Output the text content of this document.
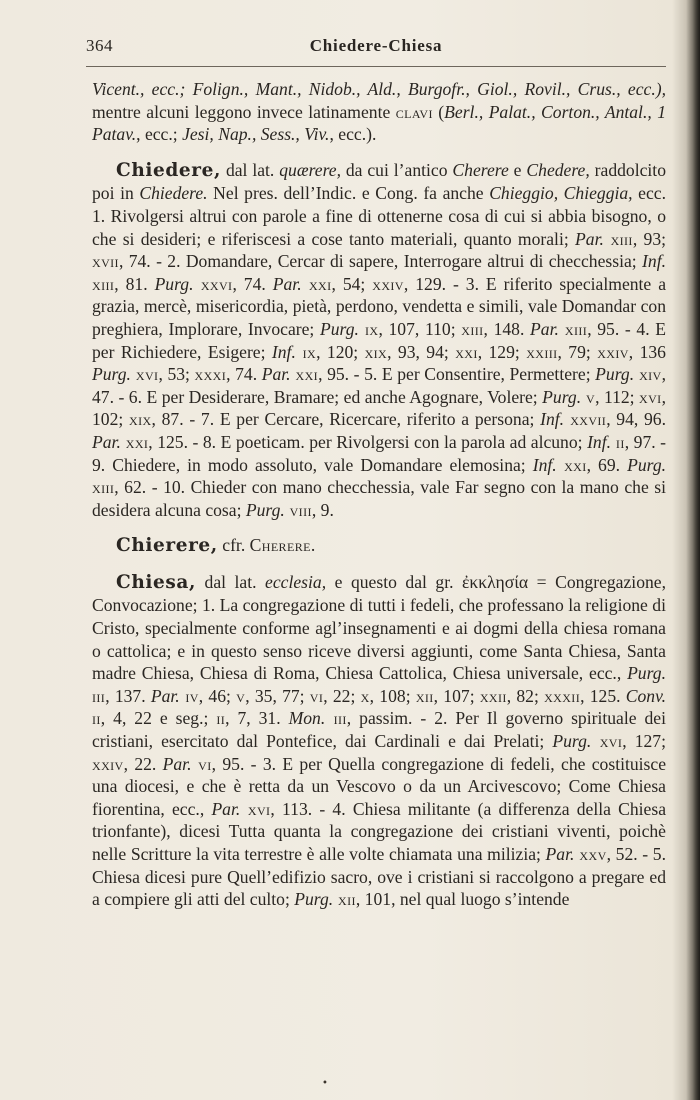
364	Chiedere-Chiesa

Vicent., ecc.; Folign., Mant., Nidob., Ald., Burgofr., Giol., Rovil., Crus., ecc.), mentre alcuni leggono invece latinamente clavi (Berl., Palat., Corton., Antal., 1 Patav., ecc.; Jesi, Nap., Sess., Viv., ecc.).

Chiedere, dal lat. quærere, da cui l’antico Cherere e Chedere, raddolcito poi in Chiedere. Nel pres. dell’Indic. e Cong. fa anche Chieggio, Chieggia, ecc. 1. Rivolgersi altrui con parole a fine di ottenerne cosa di cui si abbia bisogno, o che si desideri; e riferiscesi a cose tanto materiali, quanto morali; Par. xiii, 93; xvii, 74. - 2. Domandare, Cercar di sapere, Interrogare altrui di checchessia; Inf. xiii, 81. Purg. xxvi, 74. Par. xxi, 54; xxiv, 129. - 3. E riferito specialmente a grazia, mercè, misericordia, pietà, perdono, vendetta e simili, vale Domandar con preghiera, Implorare, Invocare; Purg. ix, 107, 110; xiii, 148. Par. xiii, 95. - 4. E per Richiedere, Esigere; Inf. ix, 120; xix, 93, 94; xxi, 129; xxiii, 79; xxiv, 136 Purg. xvi, 53; xxxi, 74. Par. xxi, 95. - 5. E per Consentire, Permettere; Purg. xiv, 47. - 6. E per Desiderare, Bramare; ed anche Agognare, Volere; Purg. v, 112; xvi, 102; xix, 87. - 7. E per Cercare, Ricercare, riferito a persona; Inf. xxvii, 94, 96. Par. xxi, 125. - 8. E poeticam. per Rivolgersi con la parola ad alcuno; Inf. ii, 97. - 9. Chiedere, in modo assoluto, vale Domandare elemosina; Inf. xxi, 69. Purg. xiii, 62. - 10. Chieder con mano checchessia, vale Far segno con la mano che si desidera alcuna cosa; Purg. viii, 9.

Chierere, cfr. Cherere.

Chiesa, dal lat. ecclesia, e questo dal gr. ἐκκλησία = Congregazione, Convocazione; 1. La congregazione di tutti i fedeli, che professano la religione di Cristo, specialmente conforme agl’insegnamenti e ai dogmi della chiesa romana o cattolica; e in questo senso riceve diversi aggiunti, come Santa Chiesa, Santa madre Chiesa, Chiesa di Roma, Chiesa Cattolica, Chiesa universale, ecc., Purg. iii, 137. Par. iv, 46; v, 35, 77; vi, 22; x, 108; xii, 107; xxii, 82; xxxii, 125. Conv. ii, 4, 22 e seg.; ii, 7, 31. Mon. iii, passim. - 2. Per Il governo spirituale dei cristiani, esercitato dal Pontefice, dai Cardinali e dai Prelati; Purg. xvi, 127; xxiv, 22. Par. vi, 95. - 3. E per Quella congregazione di fedeli, che costituisce una diocesi, e che è retta da un Vescovo o da un Arcivescovo; Come Chiesa fiorentina, ecc., Par. xvi, 113. - 4. Chiesa militante (a differenza della Chiesa trionfante), dicesi Tutta quanta la congregazione dei cristiani viventi, poichè nelle Scritture la vita terrestre è alle volte chiamata una milizia; Par. xxv, 52. - 5. Chiesa dicesi pure Quell’edifizio sacro, ove i cristiani si raccolgono a pregare ed a compiere gli atti del culto; Purg. xii, 101, nel qual luogo s’intende

•
